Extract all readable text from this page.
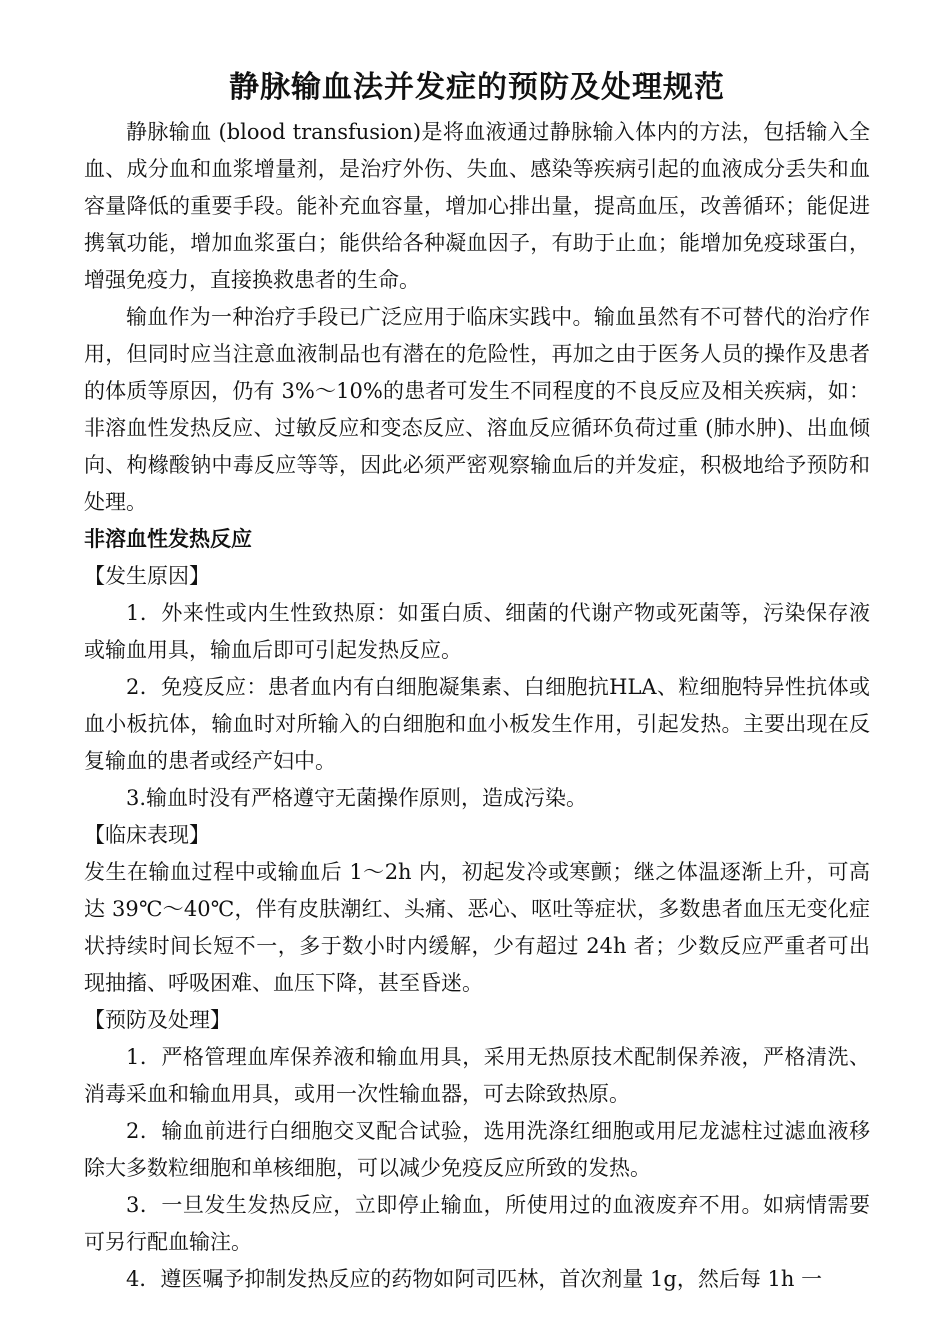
静脉输血法并发症的预防及处理规范

静脉输血 (blood transfusion)是将血液通过静脉输入体内的方法，包括输入全血、成分血和血浆增量剂，是治疗外伤、失血、感染等疾病引起的血液成分丢失和血容量降低的重要手段。能补充血容量，增加心排出量，提高血压，改善循环；能促进携氧功能，增加血浆蛋白；能供给各种凝血因子，有助于止血；能增加免疫球蛋白，增强免疫力，直接换救患者的生命。

输血作为一种治疗手段已广泛应用于临床实践中。输血虽然有不可替代的治疗作用，但同时应当注意血液制品也有潜在的危险性，再加之由于医务人员的操作及患者的体质等原因，仍有 3%～10%的患者可发生不同程度的不良反应及相关疾病，如：非溶血性发热反应、过敏反应和变态反应、溶血反应循环负荷过重 (肺水肿)、出血倾向、枸橼酸钠中毒反应等等，因此必须严密观察输血后的并发症，积极地给予预防和处理。

非溶血性发热反应

【发生原因】

1．外来性或内生性致热原：如蛋白质、细菌的代谢产物或死菌等，污染保存液或输血用具，输血后即可引起发热反应。

2．免疫反应：患者血内有白细胞凝集素、白细胞抗HLA、粒细胞特异性抗体或血小板抗体，输血时对所输入的白细胞和血小板发生作用，引起发热。主要出现在反复输血的患者或经产妇中。

3.输血时没有严格遵守无菌操作原则，造成污染。

【临床表现】

发生在输血过程中或输血后 1～2h 内，初起发冷或寒颤；继之体温逐渐上升，可高达 39℃～40℃，伴有皮肤潮红、头痛、恶心、呕吐等症状，多数患者血压无变化症状持续时间长短不一，多于数小时内缓解，少有超过 24h 者；少数反应严重者可出现抽搐、呼吸困难、血压下降，甚至昏迷。

【预防及处理】

1．严格管理血库保养液和输血用具，采用无热原技术配制保养液，严格清洗、消毒采血和输血用具，或用一次性输血器，可去除致热原。

2．输血前进行白细胞交叉配合试验，选用洗涤红细胞或用尼龙滤柱过滤血液移除大多数粒细胞和单核细胞，可以减少免疫反应所致的发热。

3．一旦发生发热反应，立即停止输血，所使用过的血液废弃不用。如病情需要可另行配血输注。

4．遵医嘱予抑制发热反应的药物如阿司匹林，首次剂量 1g，然后每 1h 一
